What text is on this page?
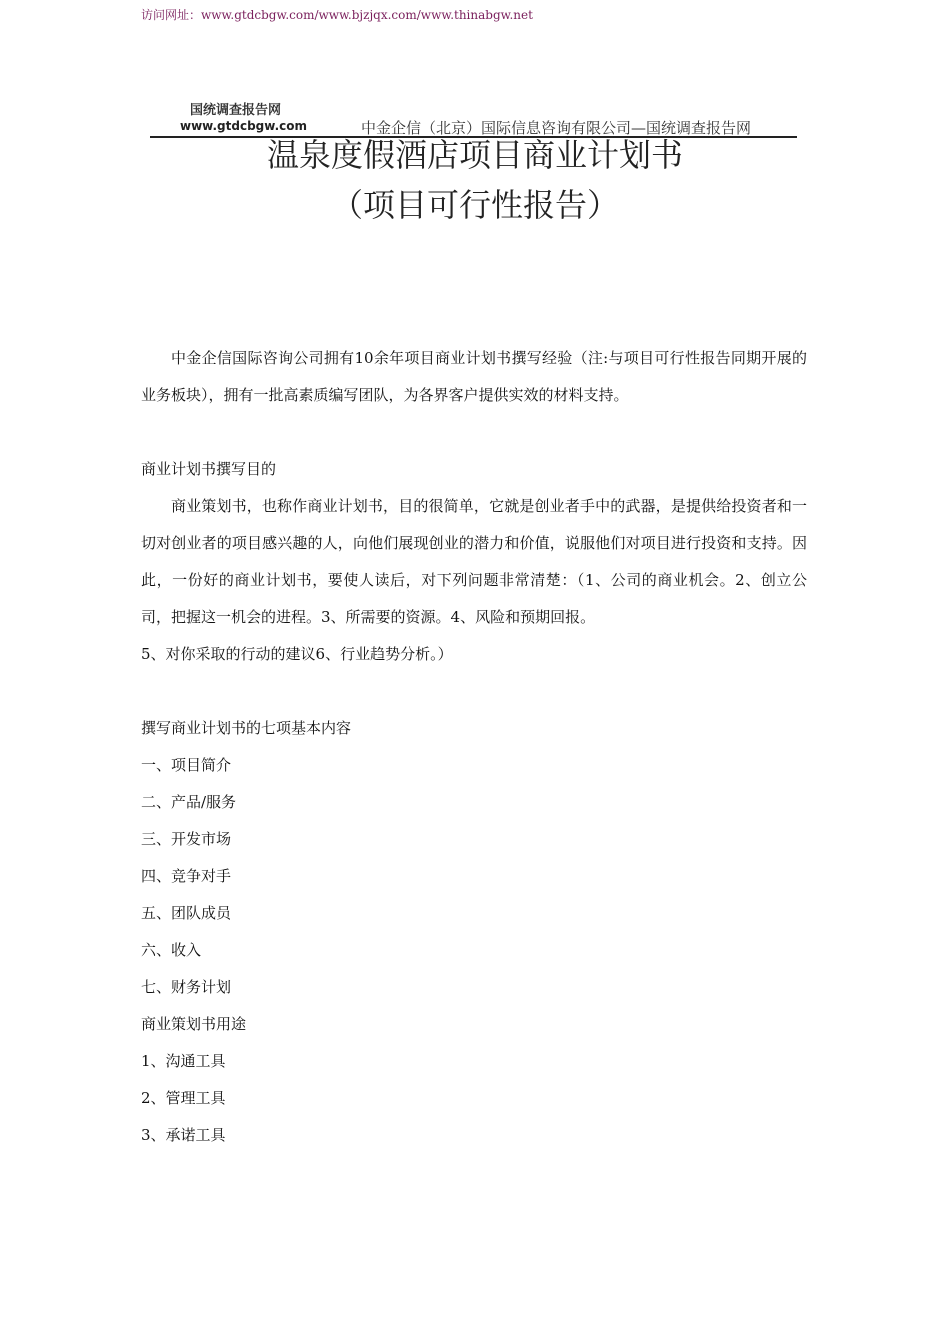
访问网址：www.gtdcbgw.com/www.bjzjqx.com/www.thinabgw.net
国统调查报告网
www.gtdcbgw.com	中金企信（北京）国际信息咨询有限公司—国统调查报告网
温泉度假酒店项目商业计划书
（项目可行性报告）

中金企信国际咨询公司拥有10余年项目商业计划书撰写经验（注:与项目可行性报告同期开展的业务板块），拥有一批高素质编写团队，为各界客户提供实效的材料支持。

商业计划书撰写目的

商业策划书，也称作商业计划书，目的很简单，它就是创业者手中的武器，是提供给投资者和一切对创业者的项目感兴趣的人，向他们展现创业的潜力和价值，说服他们对项目进行投资和支持。因此，一份好的商业计划书，要使人读后，对下列问题非常清楚：（1、公司的商业机会。2、创立公司，把握这一机会的进程。3、所需要的资源。4、风险和预期回报。

5、对你采取的行动的建议6、行业趋势分析。）

撰写商业计划书的七项基本内容

一、项目简介

二、产品/服务

三、开发市场

四、竞争对手

五、团队成员

六、收入

七、财务计划

商业策划书用途

1、沟通工具

2、管理工具

3、承诺工具
